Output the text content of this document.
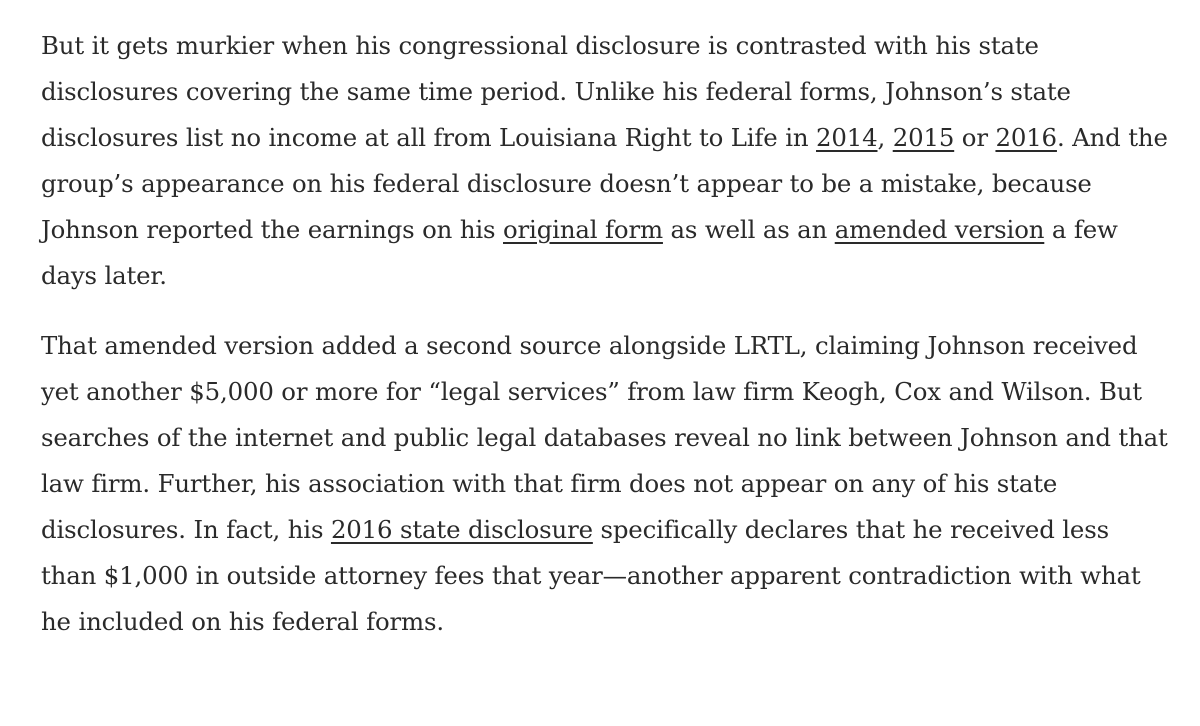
But it gets murkier when his congressional disclosure is contrasted with his state disclosures covering the same time period. Unlike his federal forms, Johnson’s state disclosures list no income at all from Louisiana Right to Life in 2014, 2015 or 2016. And the group’s appearance on his federal disclosure doesn’t appear to be a mistake, because Johnson reported the earnings on his original form as well as an amended version a few days later.

That amended version added a second source alongside LRTL, claiming Johnson received yet another $5,000 or more for “legal services” from law firm Keogh, Cox and Wilson. But searches of the internet and public legal databases reveal no link between Johnson and that law firm. Further, his association with that firm does not appear on any of his state disclosures. In fact, his 2016 state disclosure specifically declares that he received less than $1,000 in outside attorney fees that year—another apparent contradiction with what he included on his federal forms.
